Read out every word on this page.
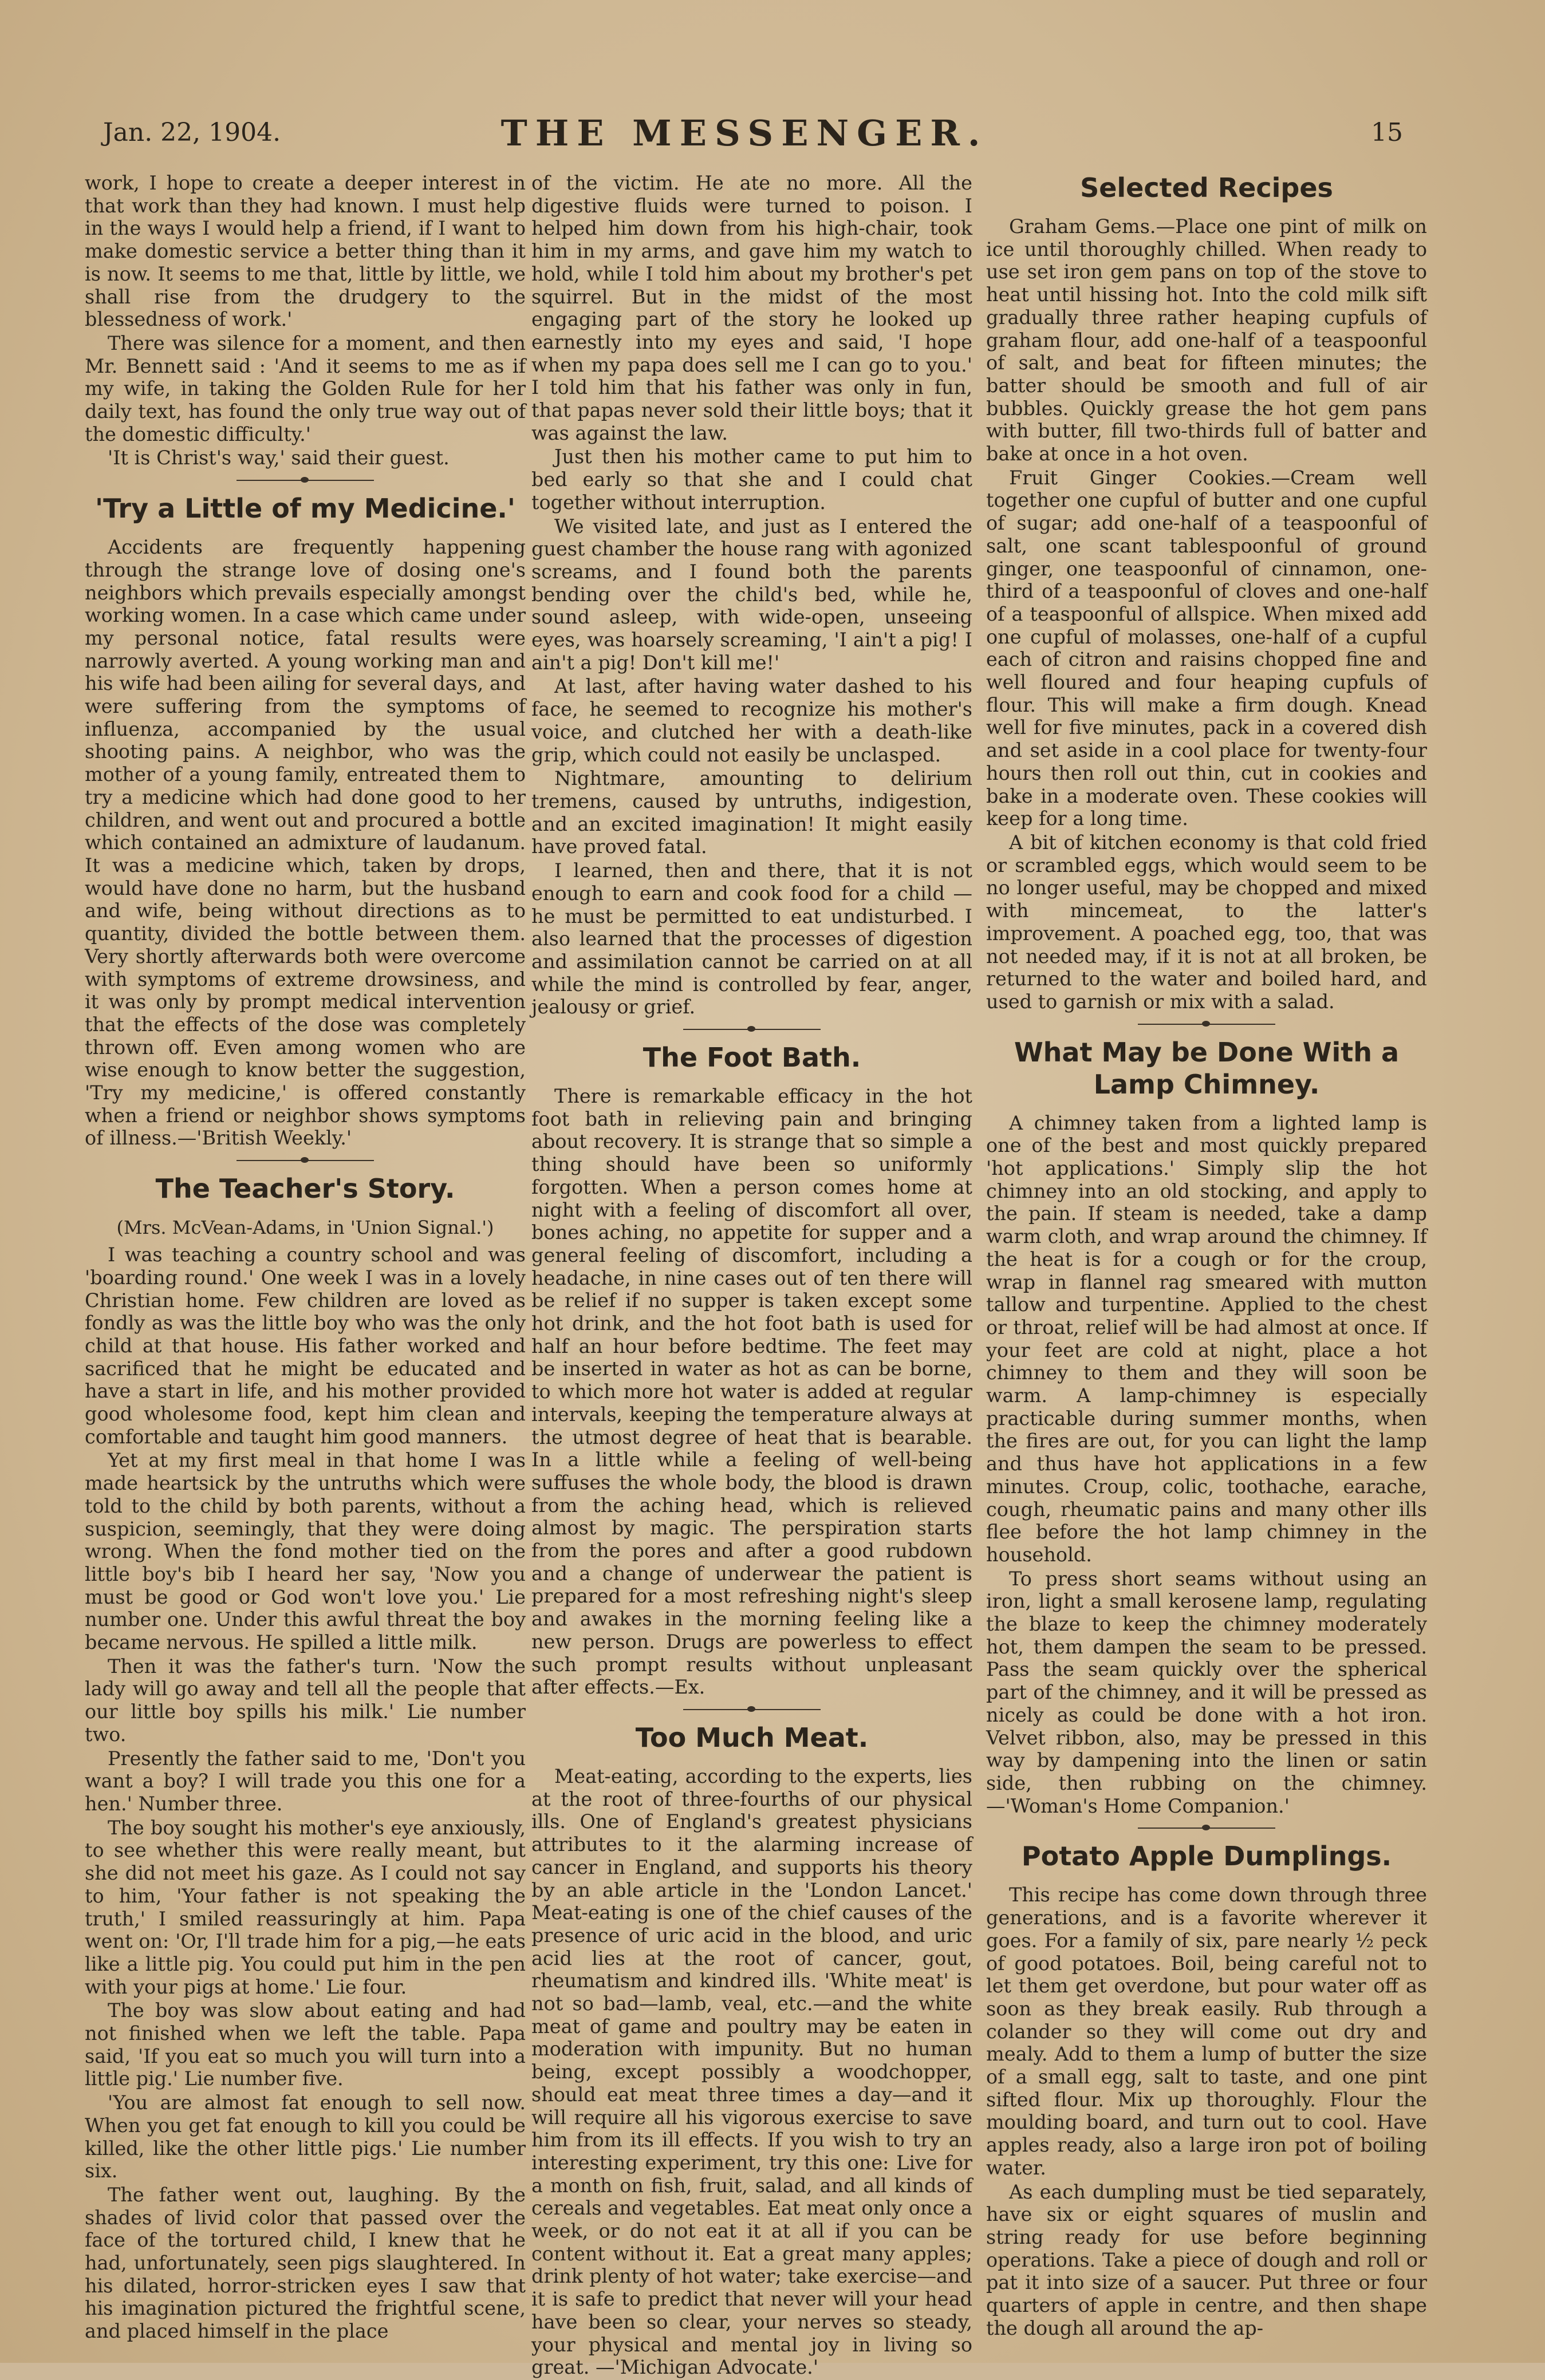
Jan. 22, 1904.	THE MESSENGER.	15

work, I hope to create a deeper interest in that work than they had known. I must help in the ways I would help a friend, if I want to make domestic service a better thing than it is now. It seems to me that, little by little, we shall rise from the drudgery to the blessedness of work.'

There was silence for a moment, and then Mr. Bennett said : 'And it seems to me as if my wife, in taking the Golden Rule for her daily text, has found the only true way out of the domestic difficulty.'

'It is Christ's way,' said their guest.

'Try a Little of my Medicine.'

Accidents are frequently happening through the strange love of dosing one's neighbors which prevails especially amongst working women. In a case which came under my personal notice, fatal results were narrowly averted. A young working man and his wife had been ailing for several days, and were suffering from the symptoms of influenza, accompanied by the usual shooting pains. A neighbor, who was the mother of a young family, entreated them to try a medicine which had done good to her children, and went out and procured a bottle which contained an admixture of laudanum. It was a medicine which, taken by drops, would have done no harm, but the husband and wife, being without directions as to quantity, divided the bottle between them. Very shortly afterwards both were overcome with symptoms of extreme drowsiness, and it was only by prompt medical intervention that the effects of the dose was completely thrown off. Even among women who are wise enough to know better the suggestion, 'Try my medicine,' is offered constantly when a friend or neighbor shows symptoms of illness.—'British Weekly.'

The Teacher's Story.

(Mrs. McVean-Adams, in 'Union Signal.')

I was teaching a country school and was 'boarding round.' One week I was in a lovely Christian home. Few children are loved as fondly as was the little boy who was the only child at that house. His father worked and sacrificed that he might be educated and have a start in life, and his mother provided good wholesome food, kept him clean and comfortable and taught him good manners.

Yet at my first meal in that home I was made heartsick by the untruths which were told to the child by both parents, without a suspicion, seemingly, that they were doing wrong. When the fond mother tied on the little boy's bib I heard her say, 'Now you must be good or God won't love you.' Lie number one. Under this awful threat the boy became nervous. He spilled a little milk.

Then it was the father's turn. 'Now the lady will go away and tell all the people that our little boy spills his milk.' Lie number two.

Presently the father said to me, 'Don't you want a boy? I will trade you this one for a hen.' Number three.

The boy sought his mother's eye anxiously, to see whether this were really meant, but she did not meet his gaze. As I could not say to him, 'Your father is not speaking the truth,' I smiled reassuringly at him. Papa went on: 'Or, I'll trade him for a pig,—he eats like a little pig. You could put him in the pen with your pigs at home.' Lie four.

The boy was slow about eating and had not finished when we left the table. Papa said, 'If you eat so much you will turn into a little pig.' Lie number five.

'You are almost fat enough to sell now. When you get fat enough to kill you could be killed, like the other little pigs.' Lie number six.

The father went out, laughing. By the shades of livid color that passed over the face of the tortured child, I knew that he had, unfortunately, seen pigs slaughtered. In his dilated, horror-stricken eyes I saw that his imagination pictured the frightful scene, and placed himself in the place

of the victim. He ate no more. All the digestive fluids were turned to poison. I helped him down from his high-chair, took him in my arms, and gave him my watch to hold, while I told him about my brother's pet squirrel. But in the midst of the most engaging part of the story he looked up earnestly into my eyes and said, 'I hope when my papa does sell me I can go to you.' I told him that his father was only in fun, that papas never sold their little boys; that it was against the law.

Just then his mother came to put him to bed early so that she and I could chat together without interruption.

We visited late, and just as I entered the guest chamber the house rang with agonized screams, and I found both the parents bending over the child's bed, while he, sound asleep, with wide-open, unseeing eyes, was hoarsely screaming, 'I ain't a pig! I ain't a pig! Don't kill me!'

At last, after having water dashed to his face, he seemed to recognize his mother's voice, and clutched her with a death-like grip, which could not easily be unclasped.

Nightmare, amounting to delirium tremens, caused by untruths, indigestion, and an excited imagination! It might easily have proved fatal.

I learned, then and there, that it is not enough to earn and cook food for a child —he must be permitted to eat undisturbed. I also learned that the processes of digestion and assimilation cannot be carried on at all while the mind is controlled by fear, anger, jealousy or grief.

The Foot Bath.

There is remarkable efficacy in the hot foot bath in relieving pain and bringing about recovery. It is strange that so simple a thing should have been so uniformly forgotten. When a person comes home at night with a feeling of discomfort all over, bones aching, no appetite for supper and a general feeling of discomfort, including a headache, in nine cases out of ten there will be relief if no supper is taken except some hot drink, and the hot foot bath is used for half an hour before bedtime. The feet may be inserted in water as hot as can be borne, to which more hot water is added at regular intervals, keeping the temperature always at the utmost degree of heat that is bearable. In a little while a feeling of well-being suffuses the whole body, the blood is drawn from the aching head, which is relieved almost by magic. The perspiration starts from the pores and after a good rubdown and a change of underwear the patient is prepared for a most refreshing night's sleep and awakes in the morning feeling like a new person. Drugs are powerless to effect such prompt results without unpleasant after effects.—Ex.

Too Much Meat.

Meat-eating, according to the experts, lies at the root of three-fourths of our physical ills. One of England's greatest physicians attributes to it the alarming increase of cancer in England, and supports his theory by an able article in the 'London Lancet.' Meat-eating is one of the chief causes of the presence of uric acid in the blood, and uric acid lies at the root of cancer, gout, rheumatism and kindred ills. 'White meat' is not so bad—lamb, veal, etc.—and the white meat of game and poultry may be eaten in moderation with impunity. But no human being, except possibly a woodchopper, should eat meat three times a day—and it will require all his vigorous exercise to save him from its ill effects. If you wish to try an interesting experiment, try this one: Live for a month on fish, fruit, salad, and all kinds of cereals and vegetables. Eat meat only once a week, or do not eat it at all if you can be content without it. Eat a great many apples; drink plenty of hot water; take exercise—and it is safe to predict that never will your head have been so clear, your nerves so steady, your physical and mental joy in living so great. —'Michigan Advocate.'

Selected Recipes

Graham Gems.—Place one pint of milk on ice until thoroughly chilled. When ready to use set iron gem pans on top of the stove to heat until hissing hot. Into the cold milk sift gradually three rather heaping cupfuls of graham flour, add one-half of a teaspoonful of salt, and beat for fifteen minutes; the batter should be smooth and full of air bubbles. Quickly grease the hot gem pans with butter, fill two-thirds full of batter and bake at once in a hot oven.

Fruit Ginger Cookies.—Cream well together one cupful of butter and one cupful of sugar; add one-half of a teaspoonful of salt, one scant tablespoonful of ground ginger, one teaspoonful of cinnamon, one-third of a teaspoonful of cloves and one-half of a teaspoonful of allspice. When mixed add one cupful of molasses, one-half of a cupful each of citron and raisins chopped fine and well floured and four heaping cupfuls of flour. This will make a firm dough. Knead well for five minutes, pack in a covered dish and set aside in a cool place for twenty-four hours then roll out thin, cut in cookies and bake in a moderate oven. These cookies will keep for a long time.

A bit of kitchen economy is that cold fried or scrambled eggs, which would seem to be no longer useful, may be chopped and mixed with mincemeat, to the latter's improvement. A poached egg, too, that was not needed may, if it is not at all broken, be returned to the water and boiled hard, and used to garnish or mix with a salad.

What May be Done With a Lamp Chimney.

A chimney taken from a lighted lamp is one of the best and most quickly prepared 'hot applications.' Simply slip the hot chimney into an old stocking, and apply to the pain. If steam is needed, take a damp warm cloth, and wrap around the chimney. If the heat is for a cough or for the croup, wrap in flannel rag smeared with mutton tallow and turpentine. Applied to the chest or throat, relief will be had almost at once. If your feet are cold at night, place a hot chimney to them and they will soon be warm. A lamp-chimney is especially practicable during summer months, when the fires are out, for you can light the lamp and thus have hot applications in a few minutes. Croup, colic, toothache, earache, cough, rheumatic pains and many other ills flee before the hot lamp chimney in the household.

To press short seams without using an iron, light a small kerosene lamp, regulating the blaze to keep the chimney moderately hot, them dampen the seam to be pressed. Pass the seam quickly over the spherical part of the chimney, and it will be pressed as nicely as could be done with a hot iron. Velvet ribbon, also, may be pressed in this way by dampening into the linen or satin side, then rubbing on the chimney.—'Woman's Home Companion.'

Potato Apple Dumplings.

This recipe has come down through three generations, and is a favorite wherever it goes. For a family of six, pare nearly ½ peck of good potatoes. Boil, being careful not to let them get overdone, but pour water off as soon as they break easily. Rub through a colander so they will come out dry and mealy. Add to them a lump of butter the size of a small egg, salt to taste, and one pint sifted flour. Mix up thoroughly. Flour the moulding board, and turn out to cool. Have apples ready, also a large iron pot of boiling water.

As each dumpling must be tied separately, have six or eight squares of muslin and string ready for use before beginning operations. Take a piece of dough and roll or pat it into size of a saucer. Put three or four quarters of apple in centre, and then shape the dough all around the ap-
